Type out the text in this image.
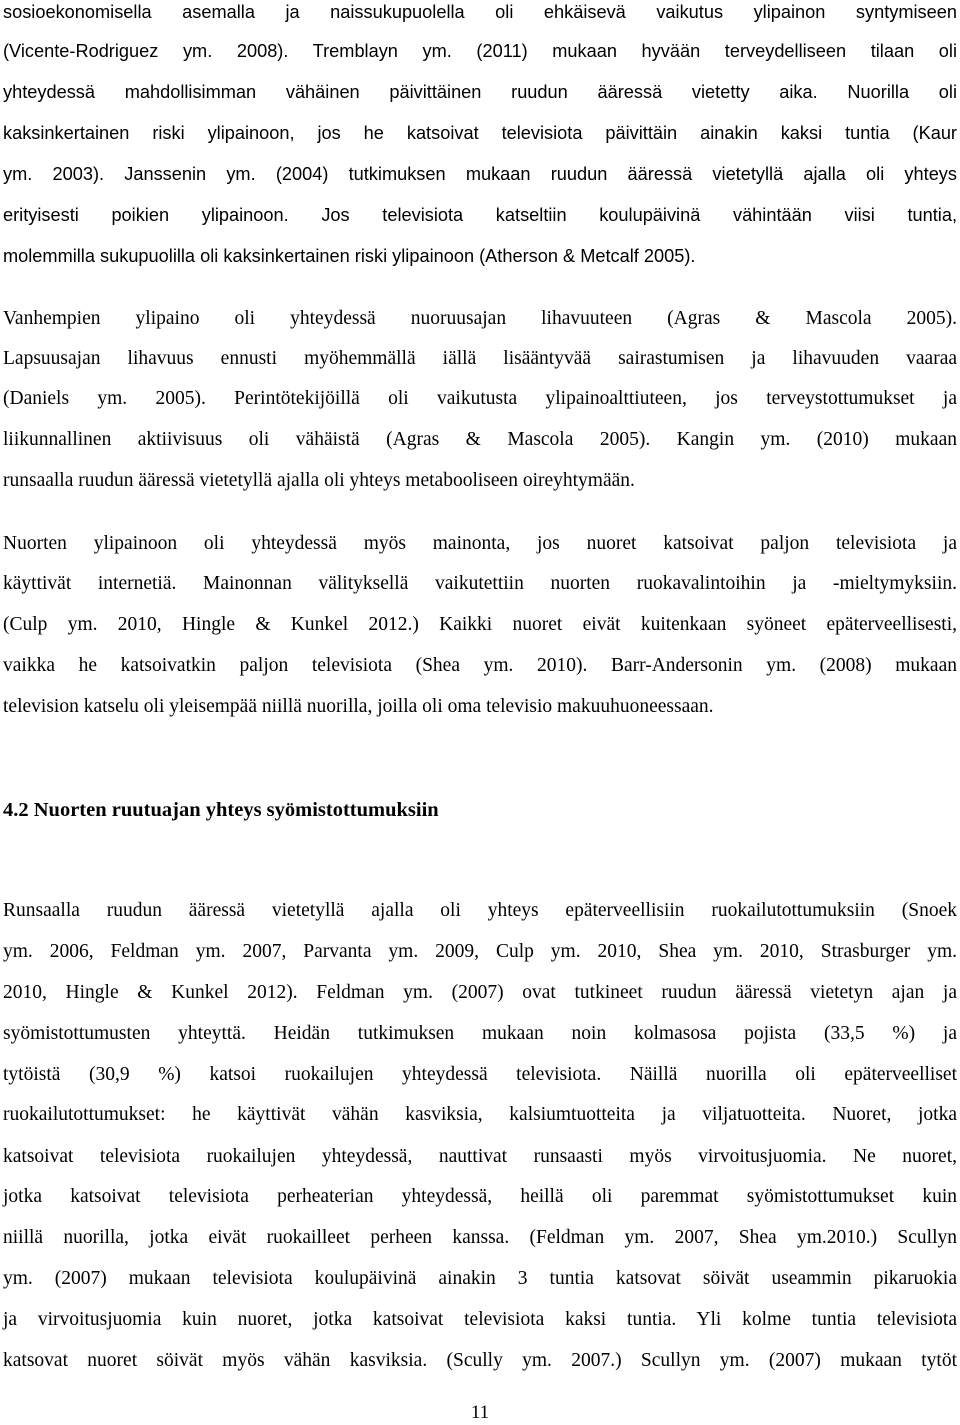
sosioekonomisella asemalla ja naissukupuolella oli ehkäisevä vaikutus ylipainon syntymiseen
(Vicente-Rodriguez ym. 2008). Tremblayn ym. (2011) mukaan hyvään terveydelliseen tilaan oli
yhteydessä mahdollisimman vähäinen päivittäinen ruudun ääressä vietetty aika. Nuorilla oli
kaksinkertainen riski ylipainoon, jos he katsoivat televisiota päivittäin ainakin kaksi tuntia (Kaur
ym. 2003). Janssenin ym. (2004) tutkimuksen mukaan ruudun ääressä vietetyllä ajalla oli yhteys
erityisesti poikien ylipainoon. Jos televisiota katseltiin koulupäivinä vähintään viisi tuntia,
molemmilla sukupuolilla oli kaksinkertainen riski ylipainoon (Atherson & Metcalf 2005).
Vanhempien ylipaino oli yhteydessä nuoruusajan lihavuuteen (Agras & Mascola 2005).
Lapsuusajan lihavuus ennusti myöhemmällä iällä lisääntyvää sairastumisen ja lihavuuden vaaraa
(Daniels ym. 2005). Perintötekijöillä oli vaikutusta ylipainoalttiuteen, jos terveystottumukset ja
liikunnallinen aktiivisuus oli vähäistä (Agras & Mascola 2005). Kangin ym. (2010) mukaan
runsaalla ruudun ääressä vietetyllä ajalla oli yhteys metabooliseen oireyhtymään.
Nuorten ylipainoon oli yhteydessä myös mainonta, jos nuoret katsoivat paljon televisiota ja
käyttivät internetiä. Mainonnan välityksellä vaikutettiin nuorten ruokavalintoihin ja -mieltymyksiin.
(Culp ym. 2010, Hingle & Kunkel 2012.) Kaikki nuoret eivät kuitenkaan syöneet epäterveellisesti,
vaikka he katsoivatkin paljon televisiota (Shea ym. 2010). Barr-Andersonin ym. (2008) mukaan
television katselu oli yleisempää niillä nuorilla, joilla oli oma televisio makuuhuoneessaan.
4.2 Nuorten ruutuajan yhteys syömistottumuksiin
Runsaalla ruudun ääressä vietetyllä ajalla oli yhteys epäterveellisiin ruokailutottumuksiin (Snoek
ym. 2006, Feldman ym. 2007, Parvanta ym. 2009, Culp ym. 2010, Shea ym. 2010, Strasburger ym.
2010, Hingle & Kunkel 2012). Feldman ym. (2007) ovat tutkineet ruudun ääressä vietetyn ajan ja
syömistottumusten yhteyttä. Heidän tutkimuksen mukaan noin kolmasosa pojista (33,5 %) ja
tytöistä (30,9 %) katsoi ruokailujen yhteydessä televisiota. Näillä nuorilla oli epäterveelliset
ruokailutottumukset: he käyttivät vähän kasviksia, kalsiumtuotteita ja viljatuotteita. Nuoret, jotka
katsoivat televisiota ruokailujen yhteydessä, nauttivat runsaasti myös virvoitusjuomia. Ne nuoret,
jotka katsoivat televisiota perheaterian yhteydessä, heillä oli paremmat syömistottumukset kuin
niillä nuorilla, jotka eivät ruokailleet perheen kanssa. (Feldman ym. 2007, Shea ym.2010.) Scullyn
ym. (2007) mukaan televisiota koulupäivinä ainakin 3 tuntia katsovat söivät useammin pikaruokia
ja virvoitusjuomia kuin nuoret, jotka katsoivat televisiota kaksi tuntia. Yli kolme tuntia televisiota
katsovat nuoret söivät myös vähän kasviksia. (Scully ym. 2007.) Scullyn ym. (2007) mukaan tytöt
11
